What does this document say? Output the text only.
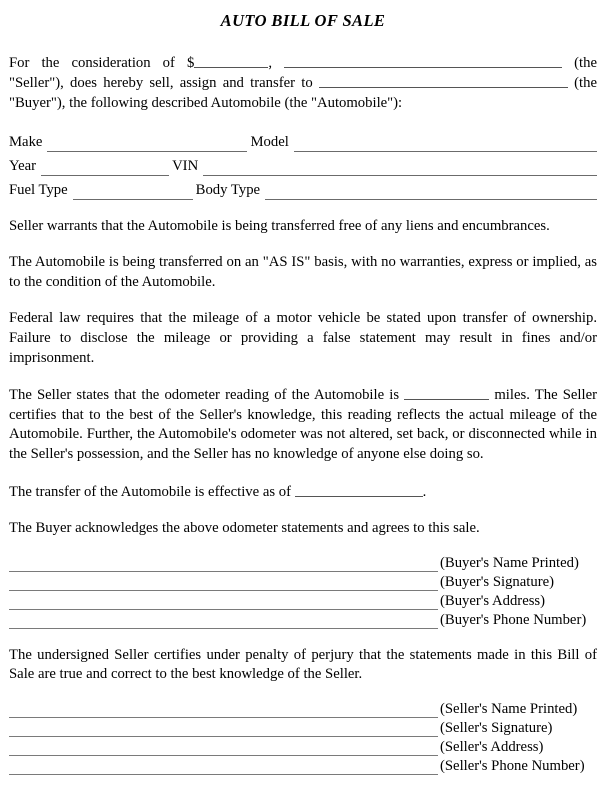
AUTO BILL OF SALE

For the consideration of $	,	(the "Seller"), does hereby sell, assign and transfer to	(the "Buyer"), the following described Automobile (the "Automobile"):

Make	Model
Year	VIN
Fuel Type	Body Type

Seller warrants that the Automobile is being transferred free of any liens and encumbrances.

The Automobile is being transferred on an "AS IS" basis, with no warranties, express or implied, as to the condition of the Automobile.

Federal law requires that the mileage of a motor vehicle be stated upon transfer of ownership. Failure to disclose the mileage or providing a false statement may result in fines and/or imprisonment.

The Seller states that the odometer reading of the Automobile is	miles. The Seller certifies that to the best of the Seller's knowledge, this reading reflects the actual mileage of the Automobile. Further, the Automobile's odometer was not altered, set back, or disconnected while in the Seller's possession, and the Seller has no knowledge of anyone else doing so.

The transfer of the Automobile is effective as of	.

The Buyer acknowledges the above odometer statements and agrees to this sale.

(Buyer's Name Printed)
(Buyer's Signature)
(Buyer's Address)
(Buyer's Phone Number)

The undersigned Seller certifies under penalty of perjury that the statements made in this Bill of Sale are true and correct to the best knowledge of the Seller.

(Seller's Name Printed)
(Seller's Signature)
(Seller's Address)
(Seller's Phone Number)
